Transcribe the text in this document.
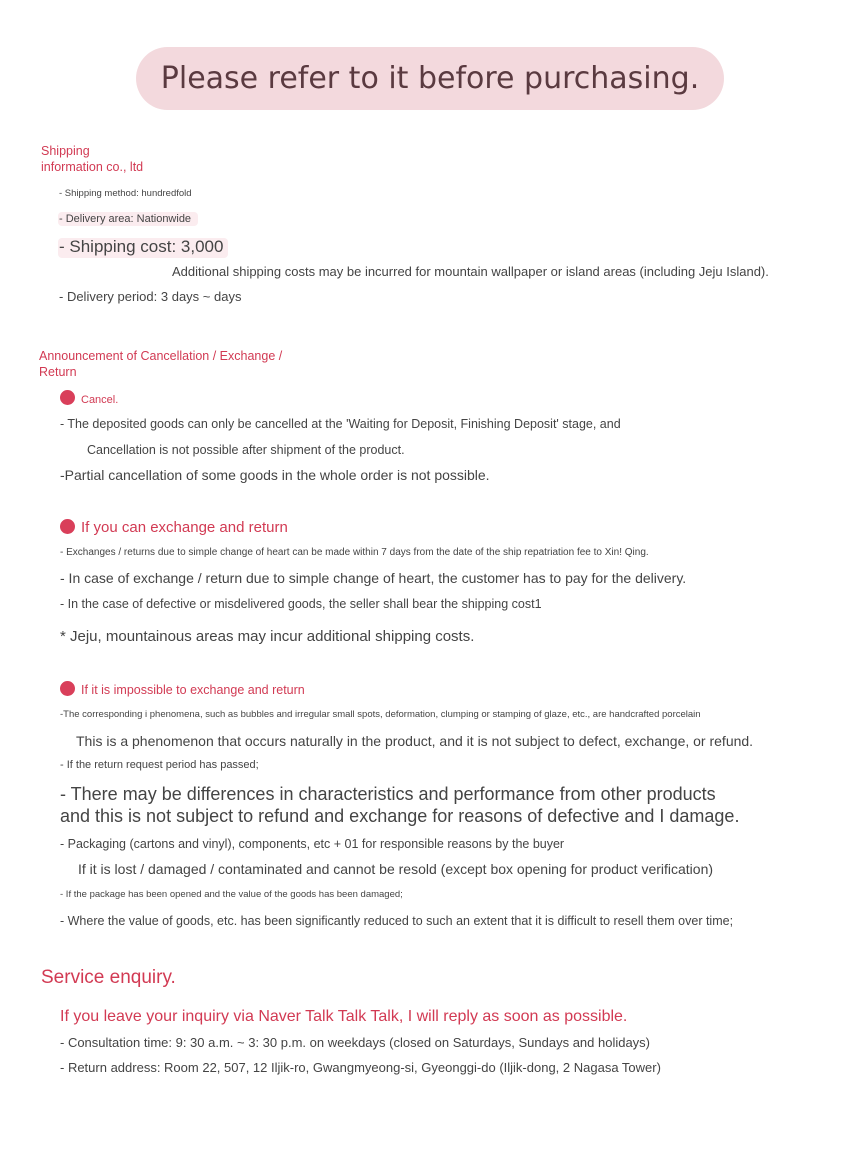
Please refer to it before purchasing.
Shipping
information co., ltd
- Shipping method: hundredfold
- Delivery area: Nationwide
- Shipping cost: 3,000
Additional shipping costs may be incurred for mountain wallpaper or island areas (including Jeju Island).
- Delivery period: 3 days ~ days
Announcement of Cancellation / Exchange /
Return
Cancel.
- The deposited goods can only be cancelled at the 'Waiting for Deposit, Finishing Deposit' stage, and
Cancellation is not possible after shipment of the product.
-Partial cancellation of some goods in the whole order is not possible.
If you can exchange and return
- Exchanges / returns due to simple change of heart can be made within 7 days from the date of the ship repatriation fee to Xin! Qing.
- In case of exchange / return due to simple change of heart, the customer has to pay for the delivery.
- In the case of defective or misdelivered goods, the seller shall bear the shipping cost1
* Jeju, mountainous areas may incur additional shipping costs.
If it is impossible to exchange and return
-The corresponding i phenomena, such as bubbles and irregular small spots, deformation, clumping or stamping of glaze, etc., are handcrafted porcelain
This is a phenomenon that occurs naturally in the product, and it is not subject to defect, exchange, or refund.
- If the return request period has passed;
- There may be differences in characteristics and performance from other products
and this is not subject to refund and exchange for reasons of defective and I damage.
- Packaging (cartons and vinyl), components, etc + 01 for responsible reasons by the buyer
If it is lost / damaged / contaminated and cannot be resold (except box opening for product verification)
- If the package has been opened and the value of the goods has been damaged;
- Where the value of goods, etc. has been significantly reduced to such an extent that it is difficult to resell them over time;
Service enquiry.
If you leave your inquiry via Naver Talk Talk Talk, I will reply as soon as possible.
- Consultation time: 9: 30 a.m. ~ 3: 30 p.m. on weekdays (closed on Saturdays, Sundays and holidays)
- Return address: Room 22, 507, 12 Iljik-ro, Gwangmyeong-si, Gyeonggi-do (Iljik-dong, 2 Nagasa Tower)
